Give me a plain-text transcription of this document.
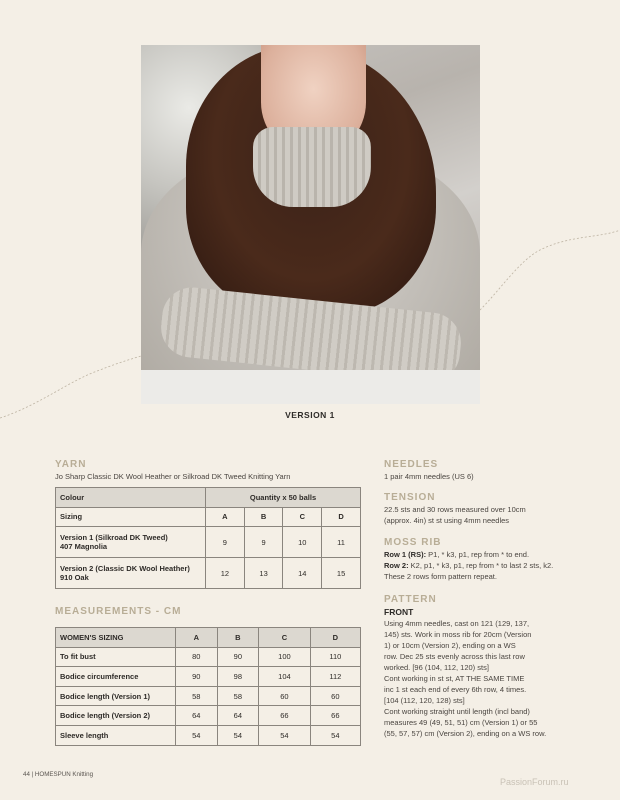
VERSION 1
YARN
Jo Sharp Classic DK Wool Heather or Silkroad DK Tweed Knitting Yarn
Colour	Quantity x 50 balls			
Sizing	A	B	C	D

Version 1 (Silkroad DK Tweed)
407 Magnolia	9	9	10	11

Version 2 (Classic DK Wool Heather)
910 Oak	12	13	14	15
MEASUREMENTS - CM
WOMEN'S SIZING	A	B	C	D
To fit bust	80	90	100	110
Bodice circumference	90	98	104	112
Bodice length (Version 1)	58	58	60	60
Bodice length (Version 2)	64	64	66	66
Sleeve length	54	54	54	54
NEEDLES
1 pair 4mm needles (US 6)
TENSION
22.5 sts and 30 rows measured over 10cm
(approx. 4in) st st using 4mm needles
MOSS RIB
Row 1 (RS): P1, * k3, p1, rep from * to end.
Row 2: K2, p1, * k3, p1, rep from * to last 2 sts, k2.
These 2 rows form pattern repeat.
PATTERN
FRONT
Using 4mm needles, cast on 121 (129, 137,
145) sts. Work in moss rib for 20cm (Version
1) or 10cm (Version 2), ending on a WS
row. Dec 25 sts evenly across this last row
worked. [96 (104, 112, 120) sts]
Cont working in st st, AT THE SAME TIME
inc 1 st each end of every 6th row, 4 times.
[104 (112, 120, 128) sts]
Cont working straight until length (incl band)
measures 49 (49, 51, 51) cm (Version 1) or 55
(55, 57, 57) cm (Version 2), ending on a WS row.
44 | HOMESPUN Knitting
PassionForum.ru
